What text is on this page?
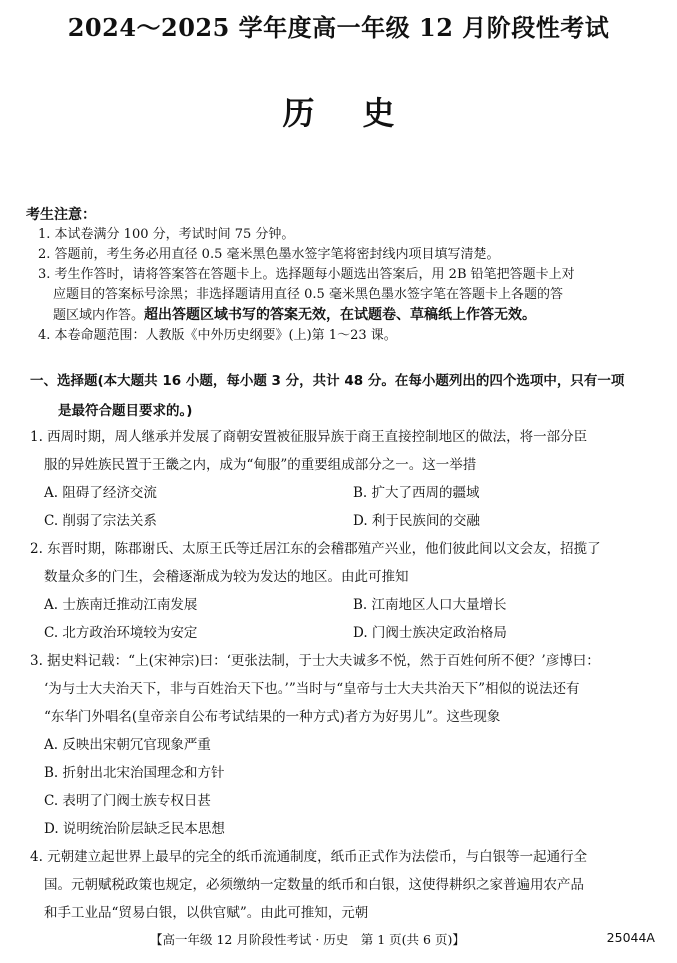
2024～2025 学年度高一年级 12 月阶段性考试
历史
考生注意：
1. 本试卷满分 100 分，考试时间 75 分钟。
2. 答题前，考生务必用直径 0.5 毫米黑色墨水签字笔将密封线内项目填写清楚。
3. 考生作答时，请将答案答在答题卡上。选择题每小题选出答案后，用 2B 铅笔把答题卡上对
应题目的答案标号涂黑；非选择题请用直径 0.5 毫米黑色墨水签字笔在答题卡上各题的答
题区域内作答。超出答题区域书写的答案无效，在试题卷、草稿纸上作答无效。
4. 本卷命题范围：人教版《中外历史纲要》(上)第 1～23 课。
一、选择题(本大题共 16 小题，每小题 3 分，共计 48 分。在每小题列出的四个选项中，只有一项
是最符合题目要求的。)
1. 西周时期，周人继承并发展了商朝安置被征服异族于商王直接控制地区的做法，将一部分臣
服的异姓族民置于王畿之内，成为“甸服”的重要组成部分之一。这一举措
A. 阻碍了经济交流	B. 扩大了西周的疆域
C. 削弱了宗法关系	D. 利于民族间的交融
2. 东晋时期，陈郡谢氏、太原王氏等迁居江东的会稽郡殖产兴业，他们彼此间以文会友，招揽了
数量众多的门生，会稽逐渐成为较为发达的地区。由此可推知
A. 士族南迁推动江南发展	B. 江南地区人口大量增长
C. 北方政治环境较为安定	D. 门阀士族决定政治格局
3. 据史料记载：“上(宋神宗)曰：‘更张法制，于士大夫诚多不悦，然于百姓何所不便？’彦博曰：
‘为与士大夫治天下，非与百姓治天下也。’”当时与“皇帝与士大夫共治天下”相似的说法还有
“东华门外唱名(皇帝亲自公布考试结果的一种方式)者方为好男儿”。这些现象
A. 反映出宋朝冗官现象严重
B. 折射出北宋治国理念和方针
C. 表明了门阀士族专权日甚
D. 说明统治阶层缺乏民本思想
4. 元朝建立起世界上最早的完全的纸币流通制度，纸币正式作为法偿币，与白银等一起通行全
国。元朝赋税政策也规定，必须缴纳一定数量的纸币和白银，这使得耕织之家普遍用农产品
和手工业品“贸易白银，以供官赋”。由此可推知，元朝
【高一年级 12 月阶段性考试 · 历史　第 1 页(共 6 页)】	25044A
